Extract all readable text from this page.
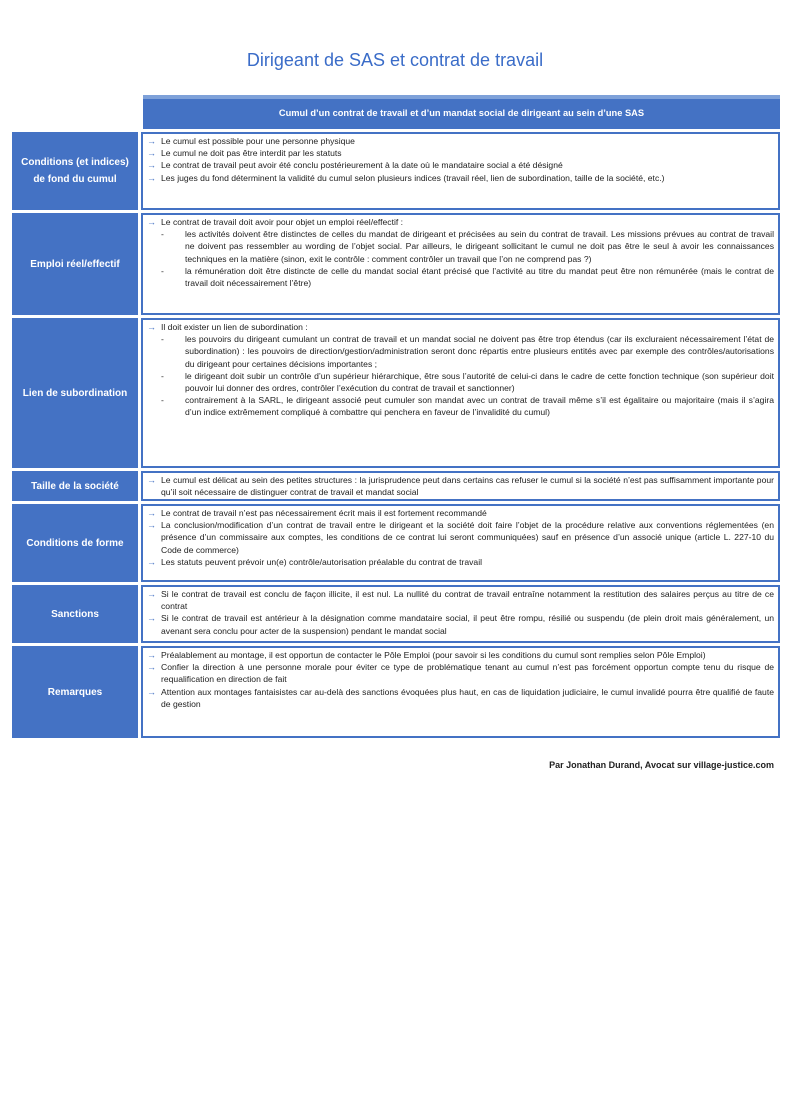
Dirigeant de SAS et contrat de travail
Cumul d’un contrat de travail et d’un mandat social de dirigeant au sein d’une SAS
Conditions (et indices) de fond du cumul
→ Le cumul est possible pour une personne physique
→ Le cumul ne doit pas être interdit par les statuts
→ Le contrat de travail peut avoir été conclu postérieurement à la date où le mandataire social a été désigné
→ Les juges du fond déterminent la validité du cumul selon plusieurs indices (travail réel, lien de subordination, taille de la société, etc.)
Emploi réel/effectif
→ Le contrat de travail doit avoir pour objet un emploi réel/effectif :
-	les activités doivent être distinctes de celles du mandat de dirigeant et précisées au sein du contrat de travail. Les missions prévues au contrat de travail ne doivent pas ressembler au wording de l’objet social. Par ailleurs, le dirigeant sollicitant le cumul ne doit pas être le seul à avoir les connaissances techniques en la matière (sinon, exit le contrôle : comment contrôler un travail que l’on ne comprend pas ?)
-	la rémunération doit être distincte de celle du mandat social étant précisé que l’activité au titre du mandat peut être non rémunérée (mais le contrat de travail doit nécessairement l’être)
Lien de subordination
→ Il doit exister un lien de subordination :
-	les pouvoirs du dirigeant cumulant un contrat de travail et un mandat social ne doivent pas être trop étendus (car ils excluraient nécessairement l’état de subordination) : les pouvoirs de direction/gestion/administration seront donc répartis entre plusieurs entités avec par exemple des contrôles/autorisations du dirigeant pour certaines décisions importantes ;
-	le dirigeant doit subir un contrôle d’un supérieur hiérarchique, être sous l’autorité de celui-ci dans le cadre de cette fonction technique (son supérieur doit pouvoir lui donner des ordres, contrôler l’exécution du contrat de travail et sanctionner)
-	contrairement à la SARL, le dirigeant associé peut cumuler son mandat avec un contrat de travail même s’il est égalitaire ou majoritaire (mais il s’agira d’un indice extrêmement compliqué à combattre qui penchera en faveur de l’invalidité du cumul)
Taille de la société
→ Le cumul est délicat au sein des petites structures : la jurisprudence peut dans certains cas refuser le cumul si la société n’est pas suffisamment importante pour qu’il soit nécessaire de distinguer contrat de travail et mandat social
Conditions de forme
→ Le contrat de travail n’est pas nécessairement écrit mais il est fortement recommandé
→ La conclusion/modification d’un contrat de travail entre le dirigeant et la société doit faire l’objet de la procédure relative aux conventions réglementées (en présence d’un commissaire aux comptes, les conditions de ce contrat lui seront communiquées) sauf en présence d’un associé unique (article L. 227-10 du Code de commerce)
→ Les statuts peuvent prévoir un(e) contrôle/autorisation préalable du contrat de travail
Sanctions
→ Si le contrat de travail est conclu de façon illicite, il est nul. La nullité du contrat de travail entraîne notamment la restitution des salaires perçus au titre de ce contrat
→ Si le contrat de travail est antérieur à la désignation comme mandataire social, il peut être rompu, résilié ou suspendu (de plein droit mais généralement, un avenant sera conclu pour acter de la suspension) pendant le mandat social
Remarques
→ Préalablement au montage, il est opportun de contacter le Pôle Emploi (pour savoir si les conditions du cumul sont remplies selon Pôle Emploi)
→ Confier la direction à une personne morale pour éviter ce type de problématique tenant au cumul n’est pas forcément opportun compte tenu du risque de requalification en direction de fait
→ Attention aux montages fantaisistes car au-delà des sanctions évoquées plus haut, en cas de liquidation judiciaire, le cumul invalidé pourra être qualifié de faute de gestion
Par Jonathan Durand, Avocat sur village-justice.com
